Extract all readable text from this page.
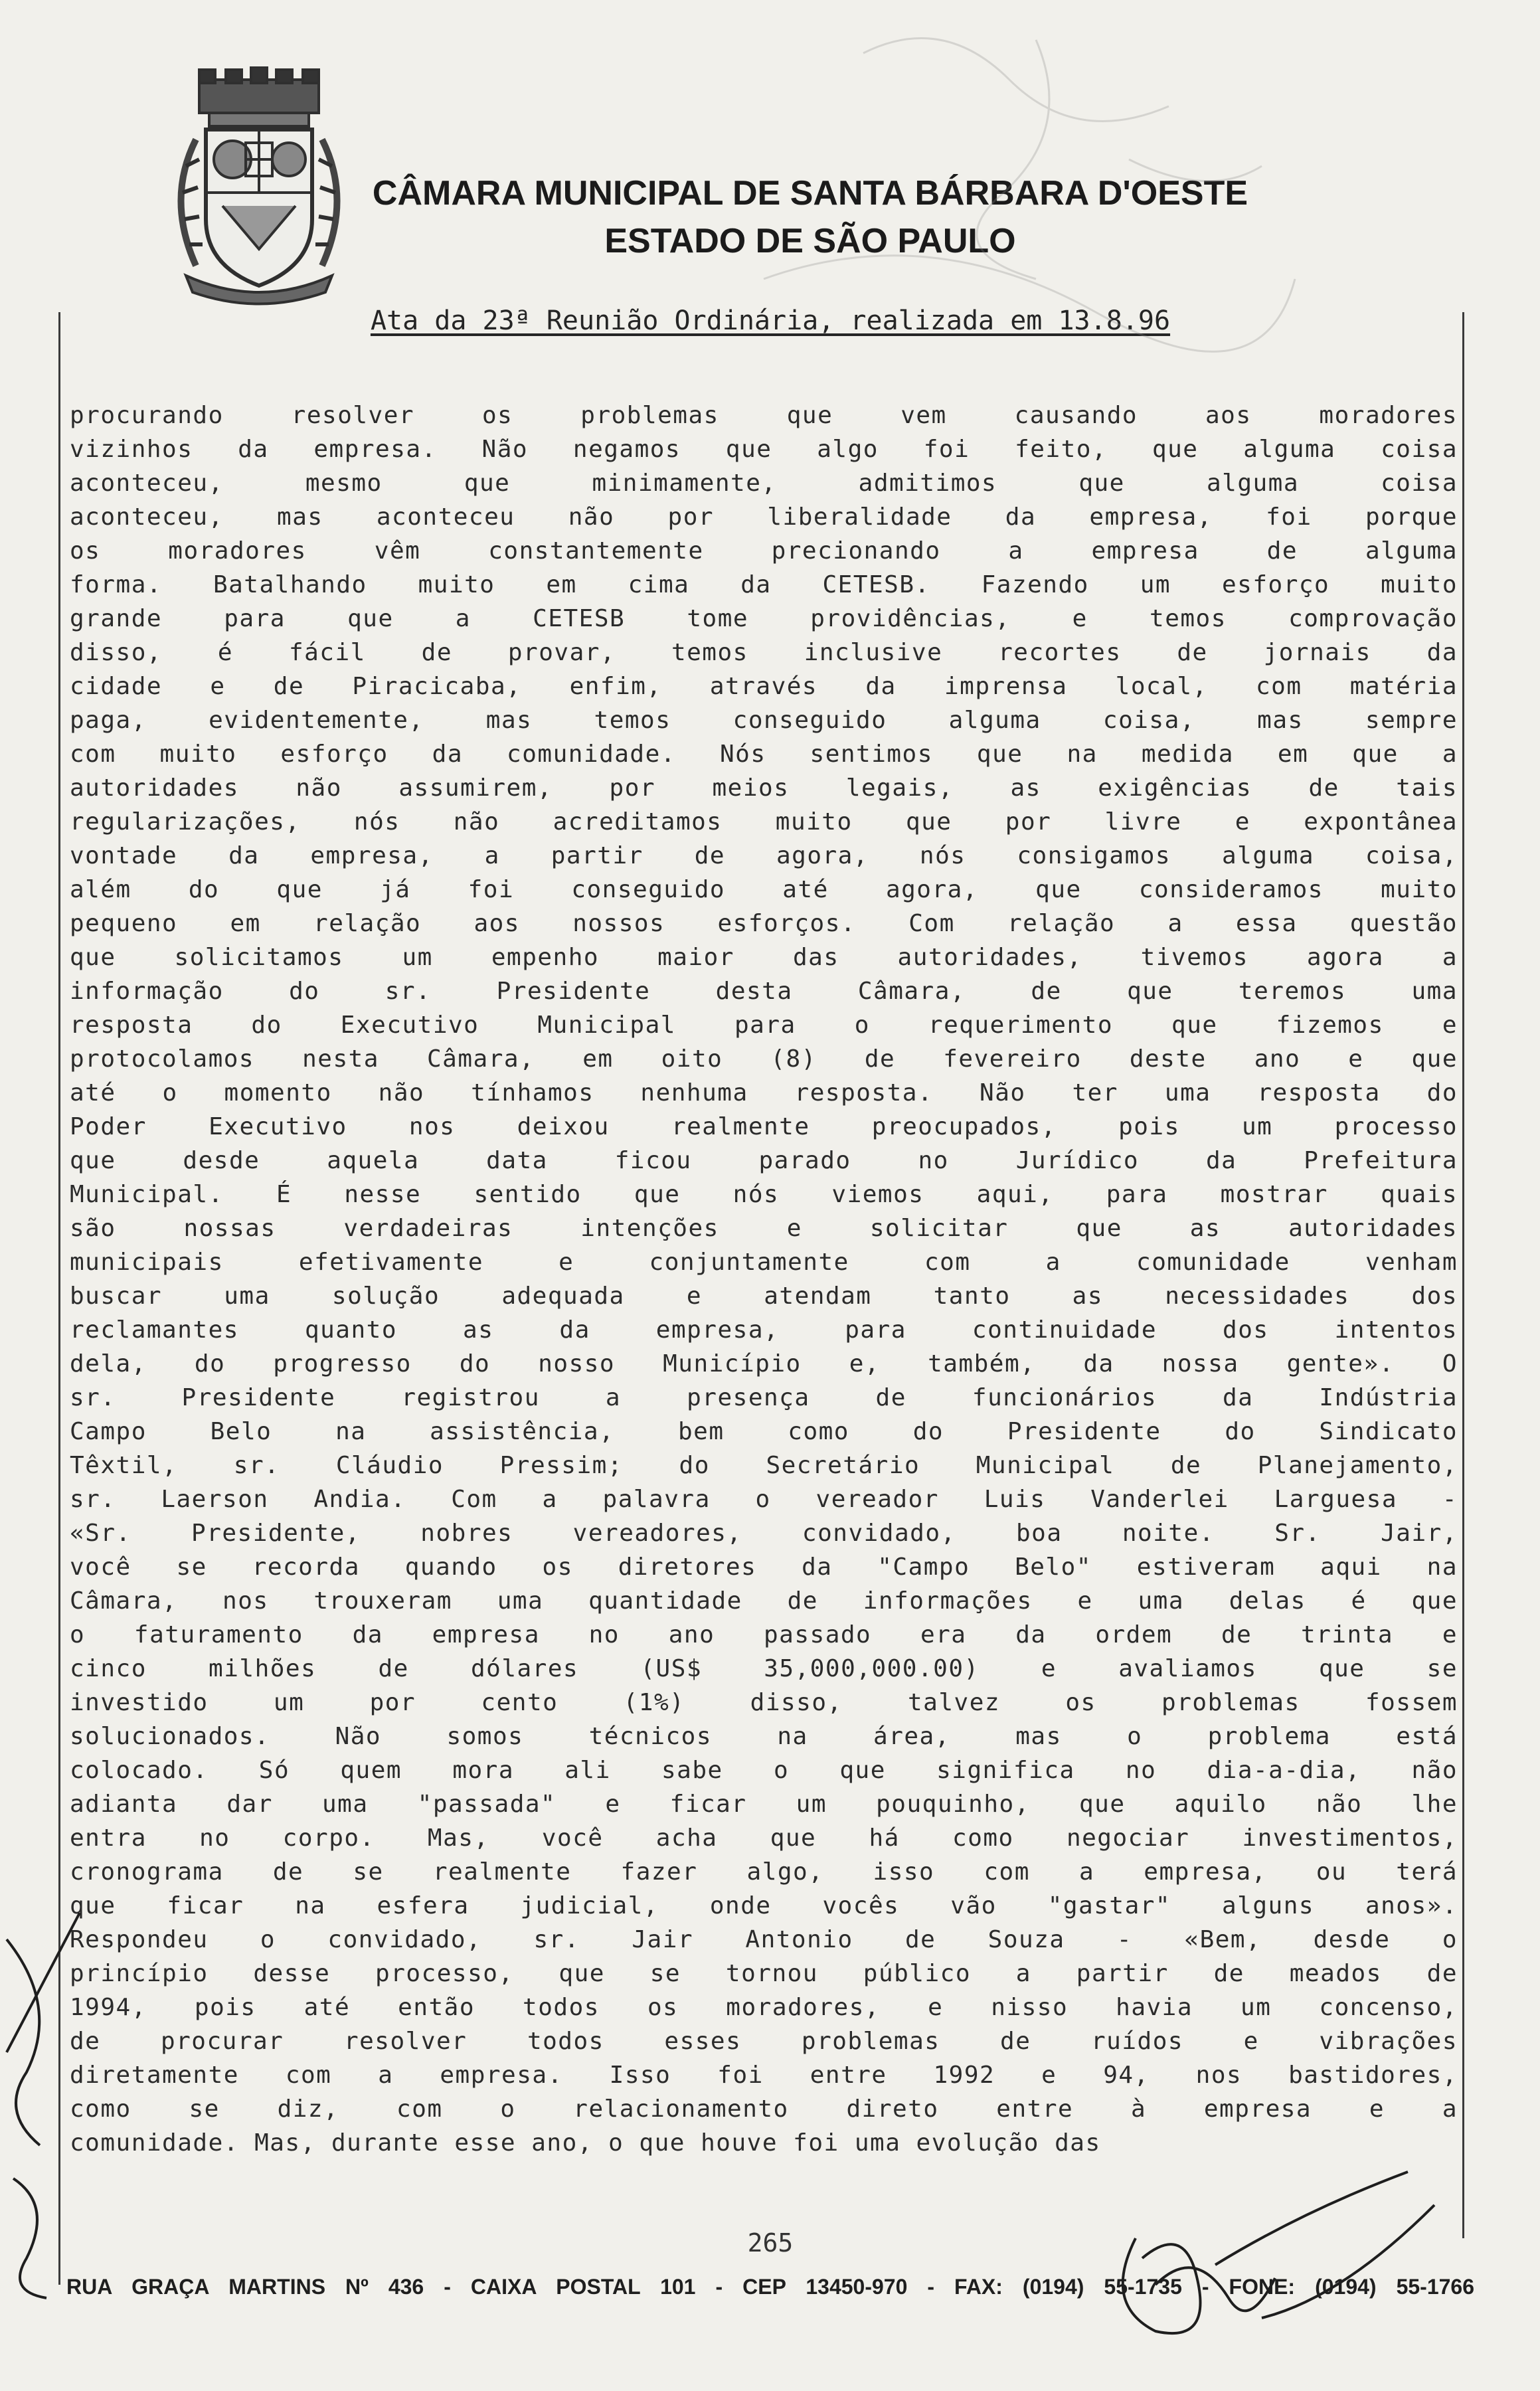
CÂMARA MUNICIPAL DE SANTA BÁRBARA D'OESTE
ESTADO DE SÃO PAULO
Ata da 23ª Reunião Ordinária, realizada em 13.8.96
procurando resolver os problemas que vem causando aos moradores
vizinhos da empresa. Não negamos que algo foi feito, que alguma coisa
aconteceu, mesmo que minimamente, admitimos que alguma coisa
aconteceu, mas aconteceu não por liberalidade da empresa, foi porque
os moradores vêm constantemente precionando a empresa de alguma
forma. Batalhando muito em cima da CETESB. Fazendo um esforço muito
grande para que a CETESB tome providências, e temos comprovação
disso, é fácil de provar, temos inclusive recortes de jornais da
cidade e de Piracicaba, enfim, através da imprensa local, com matéria
paga, evidentemente, mas temos conseguido alguma coisa, mas sempre
com muito esforço da comunidade. Nós sentimos que na medida em que a
autoridades não assumirem, por meios legais, as exigências de tais
regularizações, nós não acreditamos muito que por livre e expontânea
vontade da empresa, a partir de agora, nós consigamos alguma coisa,
além do que já foi conseguido até agora, que consideramos muito
pequeno em relação aos nossos esforços. Com relação a essa questão
que solicitamos um empenho maior das autoridades, tivemos agora a
informação do sr. Presidente desta Câmara, de que teremos uma
resposta do Executivo Municipal para o requerimento que fizemos e
protocolamos nesta Câmara, em oito (8) de fevereiro deste ano e que
até o momento não tínhamos nenhuma resposta. Não ter uma resposta do
Poder Executivo nos deixou realmente preocupados, pois um processo
que desde aquela data ficou parado no Jurídico da Prefeitura
Municipal. É nesse sentido que nós viemos aqui, para mostrar quais
são nossas verdadeiras intenções e solicitar que as autoridades
municipais efetivamente e conjuntamente com a comunidade venham
buscar uma solução adequada e atendam tanto as necessidades dos
reclamantes quanto as da empresa, para continuidade dos intentos
dela, do progresso do nosso Município e, também, da nossa gente». O
sr. Presidente registrou a presença de funcionários da Indústria
Campo Belo na assistência, bem como do Presidente do Sindicato
Têxtil, sr. Cláudio Pressim; do Secretário Municipal de Planejamento,
sr. Laerson Andia. Com a palavra o vereador Luis Vanderlei Larguesa -
«Sr. Presidente, nobres vereadores, convidado, boa noite. Sr. Jair,
você se recorda quando os diretores da "Campo Belo" estiveram aqui na
Câmara, nos trouxeram uma quantidade de informações e uma delas é que
o faturamento da empresa no ano passado era da ordem de trinta e
cinco milhões de dólares (US$ 35,000,000.00) e avaliamos que se
investido um por cento (1%) disso, talvez os problemas fossem
solucionados. Não somos técnicos na área, mas o problema está
colocado. Só quem mora ali sabe o que significa no dia-a-dia, não
adianta dar uma "passada" e ficar um pouquinho, que aquilo não lhe
entra no corpo. Mas, você acha que há como negociar investimentos,
cronograma de se realmente fazer algo, isso com a empresa, ou terá
que ficar na esfera judicial, onde vocês vão "gastar" alguns anos».
Respondeu o convidado, sr. Jair Antonio de Souza - «Bem, desde o
princípio desse processo, que se tornou público a partir de meados de
1994, pois até então todos os moradores, e nisso havia um concenso,
de procurar resolver todos esses problemas de ruídos e vibrações
diretamente com a empresa. Isso foi entre 1992 e 94, nos bastidores,
como se diz, com o relacionamento direto entre à empresa e a
comunidade. Mas, durante esse ano, o que houve foi uma evolução das
265
RUA GRAÇA MARTINS Nº 436 - CAIXA POSTAL 101 - CEP 13450-970 - FAX: (0194) 55-1735 - FONE: (0194) 55-1766
